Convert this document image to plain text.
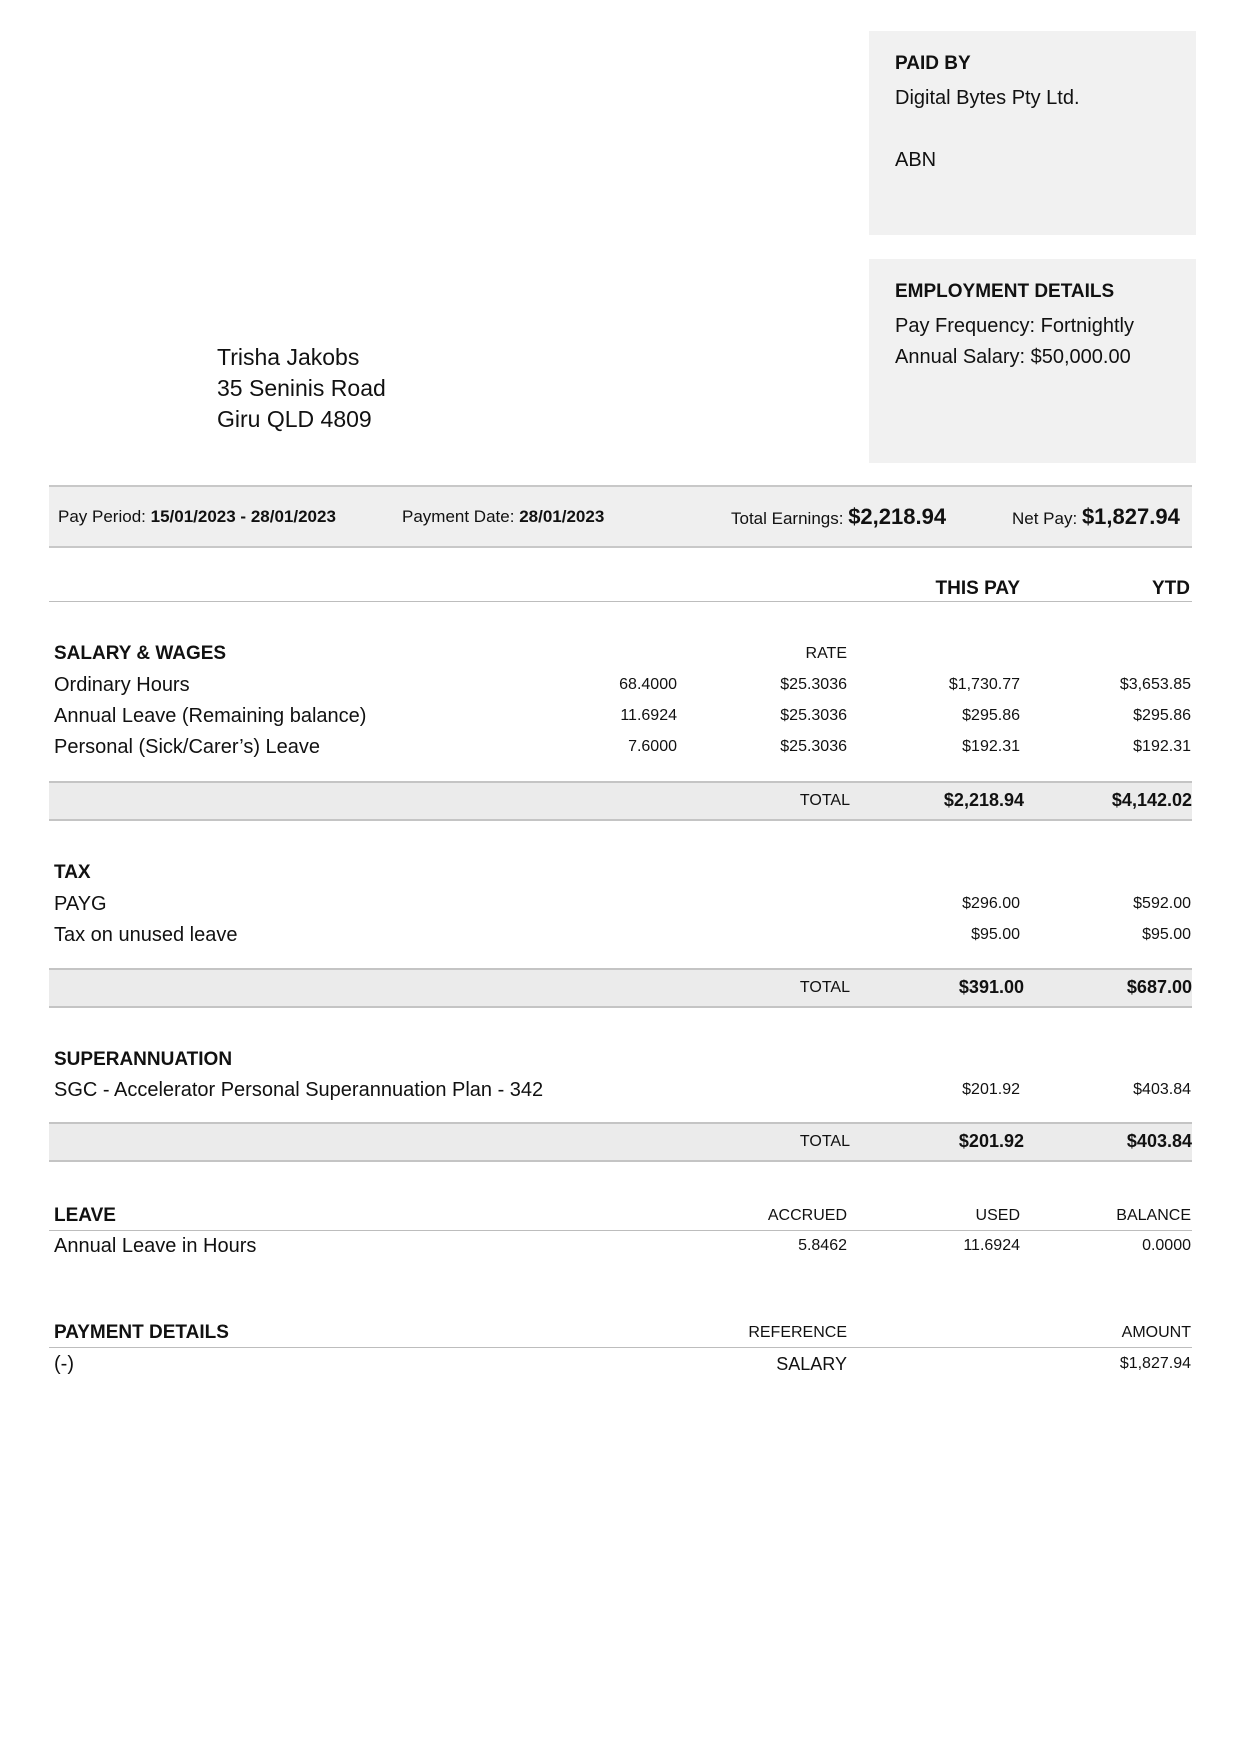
PAID BY
Digital Bytes Pty Ltd.
ABN
EMPLOYMENT DETAILS
Pay Frequency: Fortnightly
Annual Salary: $50,000.00
Trisha Jakobs
35 Seninis Road
Giru QLD 4809
Pay Period: 15/01/2023 - 28/01/2023	Payment Date: 28/01/2023	Total Earnings: $2,218.94	Net Pay: $1,827.94
THIS PAY	YTD
SALARY & WAGES	RATE
Ordinary Hours	68.4000	$25.3036	$1,730.77	$3,653.85
Annual Leave (Remaining balance)	11.6924	$25.3036	$295.86	$295.86
Personal (Sick/Carer’s) Leave	7.6000	$25.3036	$192.31	$192.31
TOTAL	$2,218.94	$4,142.02
TAX
PAYG	$296.00	$592.00
Tax on unused leave	$95.00	$95.00
TOTAL	$391.00	$687.00
SUPERANNUATION
SGC - Accelerator Personal Superannuation Plan - 342	$201.92	$403.84
TOTAL	$201.92	$403.84
LEAVE	ACCRUED	USED	BALANCE
Annual Leave in Hours	5.8462	11.6924	0.0000
PAYMENT DETAILS	REFERENCE	AMOUNT
(-)	SALARY	$1,827.94
